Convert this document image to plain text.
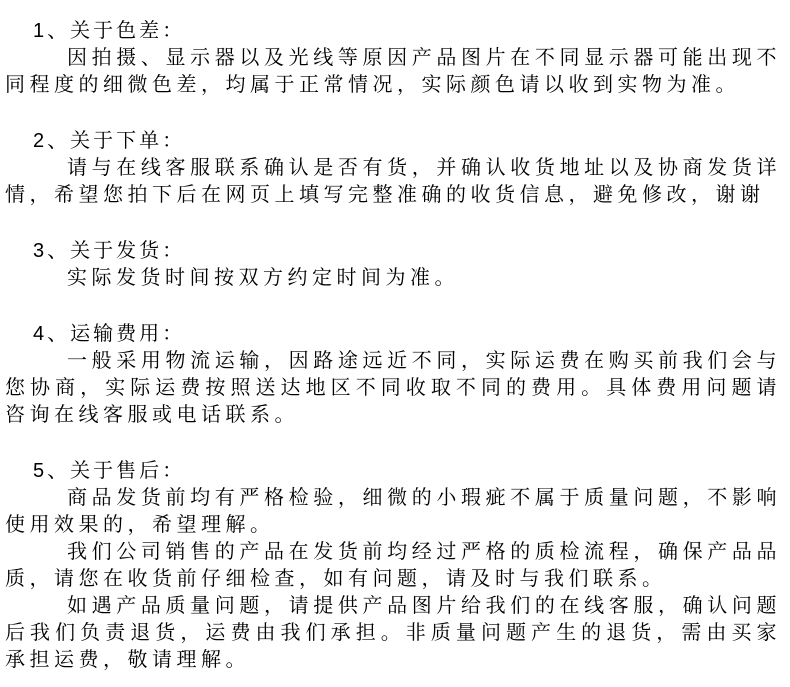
1、关于色差：

因拍摄、显示器以及光线等原因产品图片在不同显示器可能出现不同程度的细微色差，均属于正常情况，实际颜色请以收到实物为准。

2、关于下单：

请与在线客服联系确认是否有货，并确认收货地址以及协商发货详情，希望您拍下后在网页上填写完整准确的收货信息，避免修改，谢谢

3、关于发货：

实际发货时间按双方约定时间为准。

4、运输费用：

一般采用物流运输，因路途远近不同，实际运费在购买前我们会与您协商，实际运费按照送达地区不同收取不同的费用。具体费用问题请咨询在线客服或电话联系。

5、关于售后：

商品发货前均有严格检验，细微的小瑕疵不属于质量问题，不影响使用效果的，希望理解。

我们公司销售的产品在发货前均经过严格的质检流程，确保产品品质，请您在收货前仔细检查，如有问题，请及时与我们联系。

如遇产品质量问题，请提供产品图片给我们的在线客服，确认问题后我们负责退货，运费由我们承担。非质量问题产生的退货，需由买家承担运费，敬请理解。
